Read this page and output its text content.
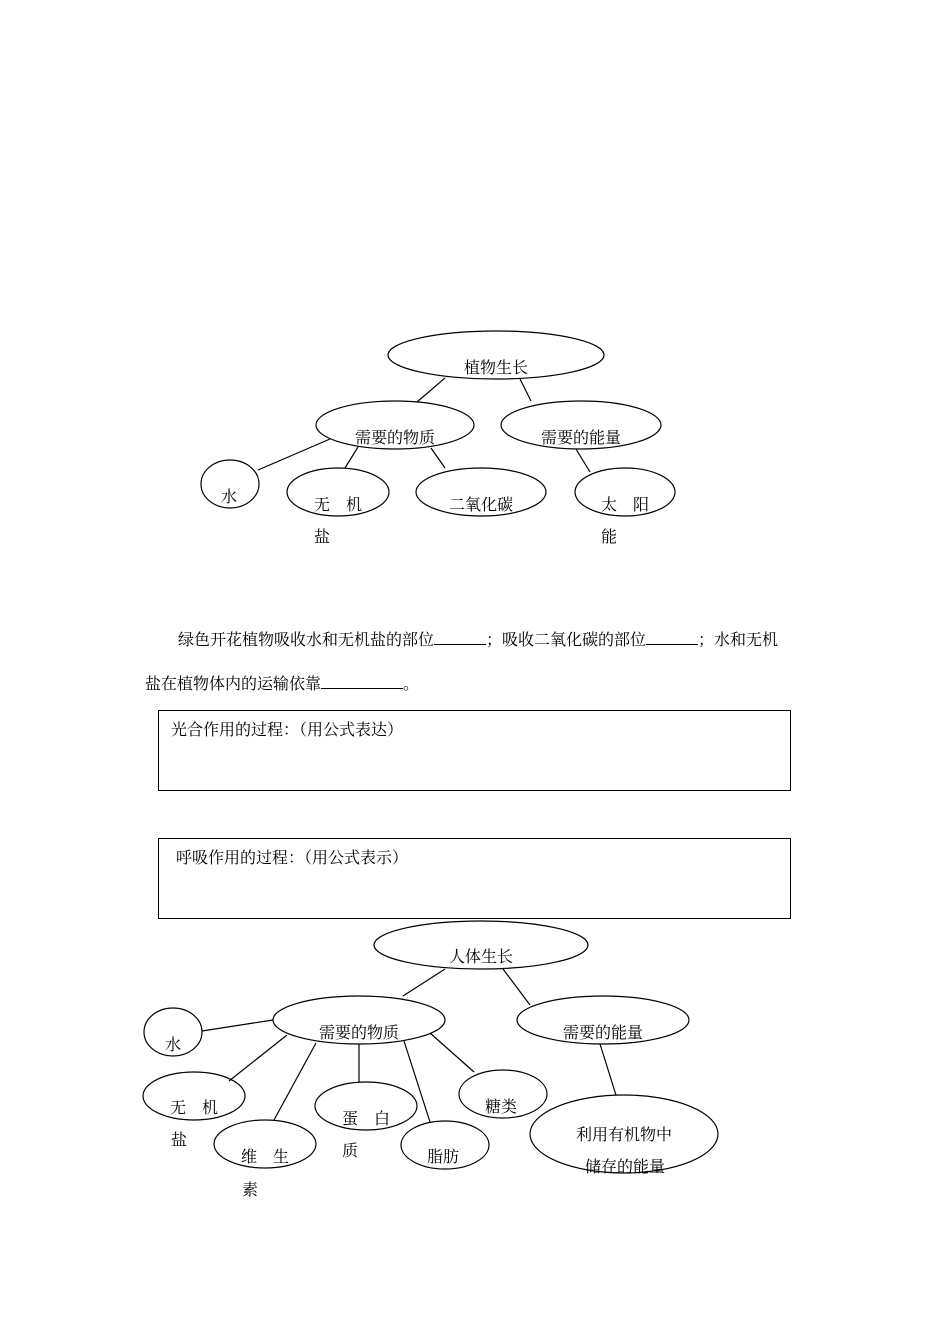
植物生长
需要的物质	需要的能量
水	无　机
盐
二氧化碳	太　阳
能
绿色开花植物吸收水和无机盐的部位	；吸收二氧化碳的部位	；水和无机
盐在植物体内的运输依靠	。
光合作用的过程：（用公式表达）
呼吸作用的过程：（用公式表示）
人体生长
需要的物质	需要的能量
水
无　机
盐
维　生
素
蛋　白
质	脂肪
糖类
利用有机物中
储存的能量
